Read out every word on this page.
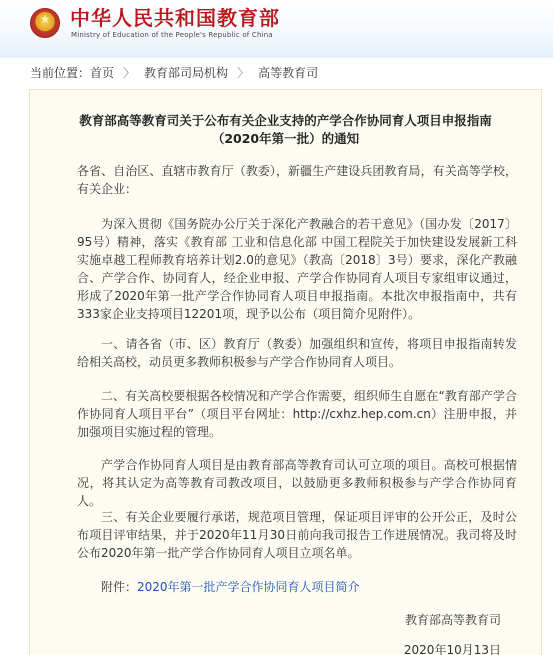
★ 中华人民共和国教育部
Ministry of Education of the People's Republic of China
当前位置：首页 〉 教育部司局机构 〉 高等教育司
教育部高等教育司关于公布有关企业支持的产学合作协同育人项目申报指南（2020年第一批）的通知
各省、自治区、直辖市教育厅（教委），新疆生产建设兵团教育局，有关高等学校，有关企业：
为深入贯彻《国务院办公厅关于深化产教融合的若干意见》（国办发〔2017〕95号）精神，落实《教育部 工业和信息化部 中国工程院关于加快建设发展新工科 实施卓越工程师教育培养计划2.0的意见》（教高〔2018〕3号）要求，深化产教融合、产学合作、协同育人，经企业申报、产学合作协同育人项目专家组审议通过，形成了2020年第一批产学合作协同育人项目申报指南。本批次申报指南中，共有333家企业支持项目12201项，现予以公布（项目简介见附件）。
一、请各省（市、区）教育厅（教委）加强组织和宣传，将项目申报指南转发给相关高校，动员更多教师积极参与产学合作协同育人项目。
二、有关高校要根据各校情况和产学合作需要，组织师生自愿在“教育部产学合作协同育人项目平台”（项目平台网址：http://cxhz.hep.com.cn）注册申报，并加强项目实施过程的管理。
产学合作协同育人项目是由教育部高等教育司认可立项的项目。高校可根据情况，将其认定为高等教育司教改项目，以鼓励更多教师积极参与产学合作协同育人。
三、有关企业要履行承诺，规范项目管理，保证项目评审的公开公正，及时公布项目评审结果，并于2020年11月30日前向我司报告工作进展情况。我司将及时公布2020年第一批产学合作协同育人项目立项名单。
附件：2020年第一批产学合作协同育人项目简介
教育部高等教育司
2020年10月13日
